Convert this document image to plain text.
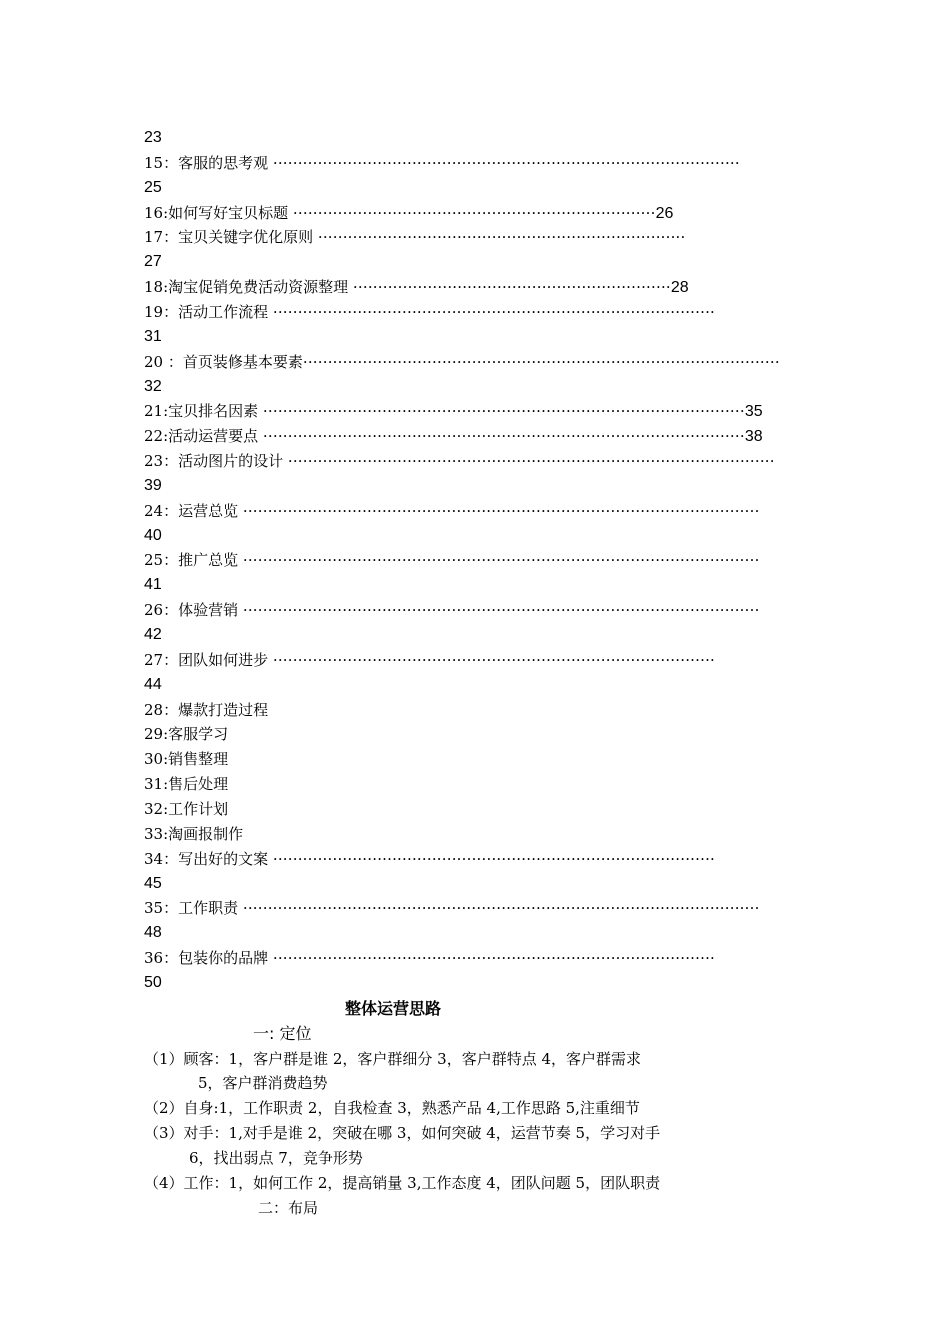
23
15：客服的思考观 ······························································································
25
16:如何写好宝贝标题 ·········································································26
17：宝贝关键字优化原则 ··········································································
27
18:淘宝促销免费活动资源整理 ································································28
19：活动工作流程 ·························································································
31
20 ：首页装修基本要素································································································
32
21:宝贝排名因素 ·································································································35
22:活动运营要点 ·································································································38
23：活动图片的设计 ··································································································
39
24：运营总览 ········································································································
40
25：推广总览 ········································································································
41
26：体验营销 ········································································································
42
27：团队如何进步 ·························································································
44
28：爆款打造过程
29:客服学习
30:销售整理
31:售后处理
32:工作计划
33:淘画报制作
34：写出好的文案 ·························································································
45
35：工作职责 ········································································································
48
36：包装你的品牌 ·························································································
50
整体运营思路
一: 定位
（1）顾客：1，客户群是谁 2，客户群细分 3，客户群特点 4，客户群需求
5，客户群消费趋势
（2）自身:1，工作职责 2，自我检查 3，熟悉产品 4,工作思路 5,注重细节
（3）对手：1,对手是谁 2，突破在哪 3，如何突破 4，运营节奏 5，学习对手
6，找出弱点 7，竞争形势
（4）工作：1，如何工作 2，提高销量 3,工作态度 4，团队问题 5，团队职责
二：布局
